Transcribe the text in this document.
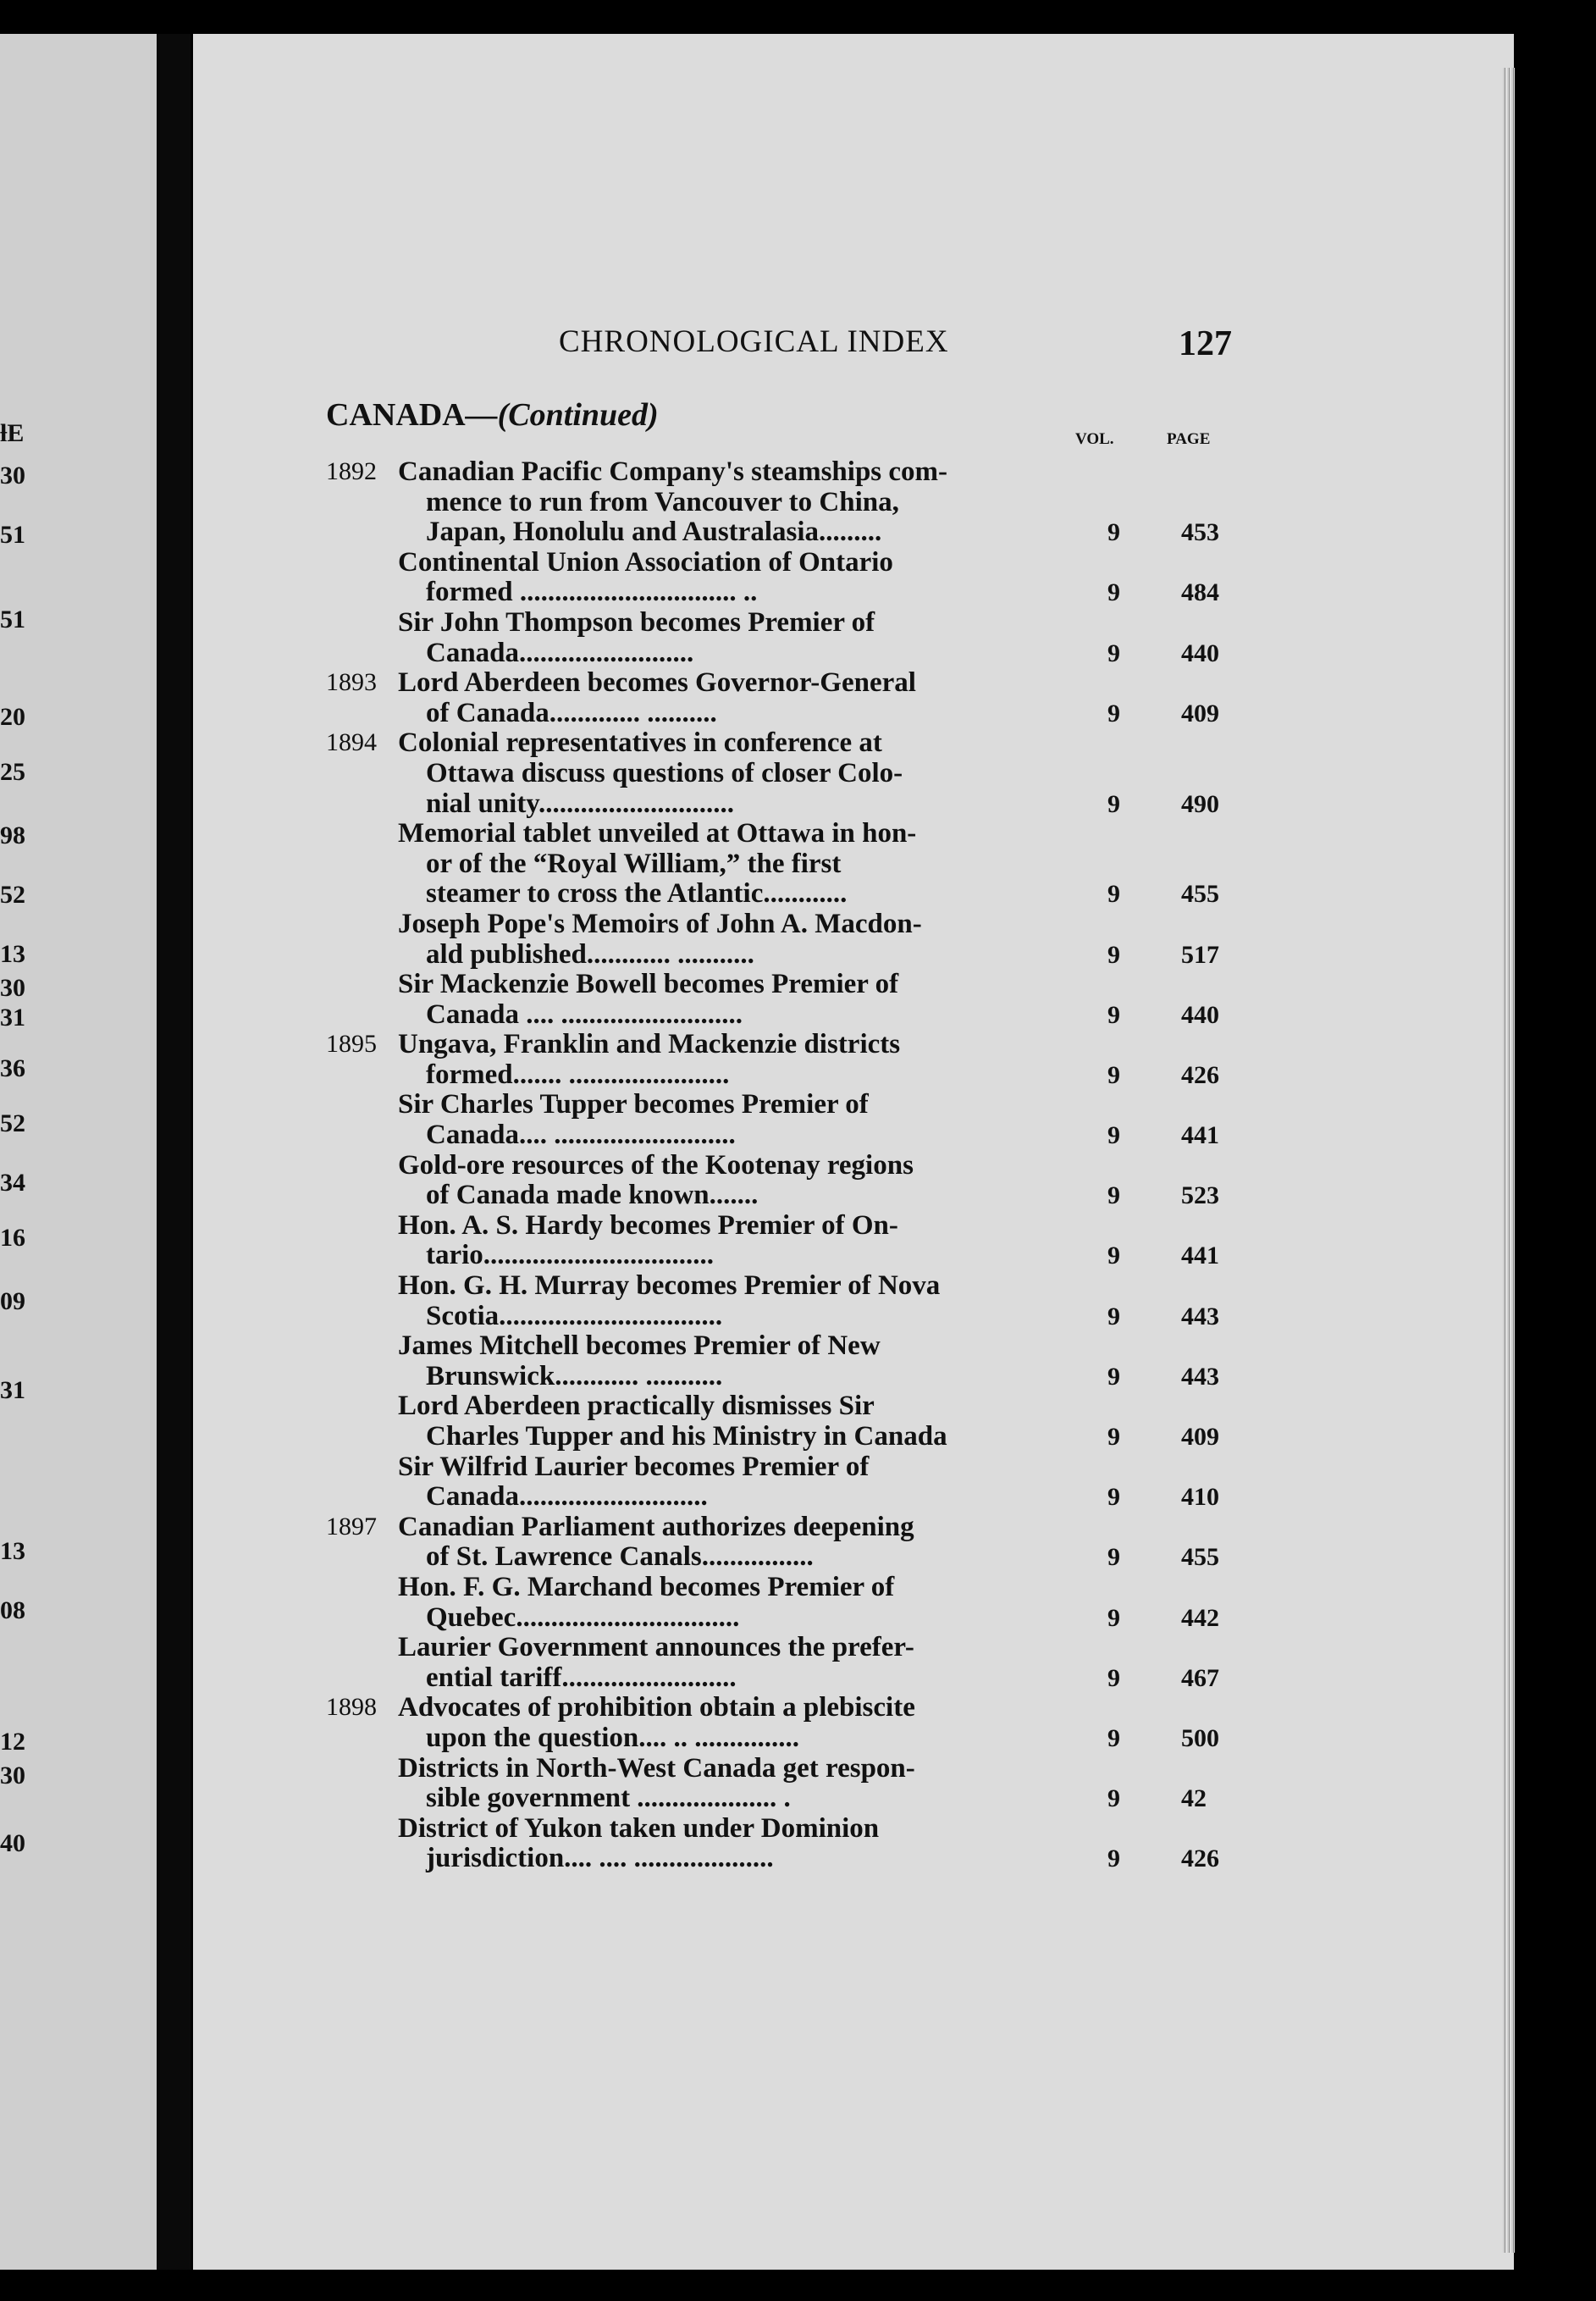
ƚE
30
51
51
20
25
98
52
13
30
31
36
52
34
16
09
31
13
08
12
30
40
CHRONOLOGICAL INDEX	127
CANADA—(Continued)
VOL.	PAGE
1892 Canadian Pacific Company's steamships com-
mence to run from Vancouver to China,
Japan, Honolulu and Australasia.........	9 453
Continental Union Association of Ontario
formed ............................... ..	9 484
Sir John Thompson becomes Premier of
Canada.........................	9 440
1893 Lord Aberdeen becomes Governor-General
of Canada............. ..........	9 409
1894 Colonial representatives in conference at
Ottawa discuss questions of closer Colo-
nial unity............................	9 490
Memorial tablet unveiled at Ottawa in hon-
or of the “Royal William,” the first
steamer to cross the Atlantic............	9 455
Joseph Pope's Memoirs of John A. Macdon-
ald published............ ...........	9 517
Sir Mackenzie Bowell becomes Premier of
Canada .... ..........................	9 440
1895 Ungava, Franklin and Mackenzie districts
formed....... .......................	9 426
Sir Charles Tupper becomes Premier of
Canada.... ..........................	9 441
Gold-ore resources of the Kootenay regions
of Canada made known.......	9 523
Hon. A. S. Hardy becomes Premier of On-
tario.................................	9 441
Hon. G. H. Murray becomes Premier of Nova
Scotia................................	9 443
James Mitchell becomes Premier of New
Brunswick............ ...........	9 443
Lord Aberdeen practically dismisses Sir
Charles Tupper and his Ministry in Canada	9 409
Sir Wilfrid Laurier becomes Premier of
Canada...........................	9 410
1897 Canadian Parliament authorizes deepening
of St. Lawrence Canals................	9 455
Hon. F. G. Marchand becomes Premier of
Quebec................................	9 442
Laurier Government announces the prefer-
ential tariff.........................	9 467
1898 Advocates of prohibition obtain a plebiscite
upon the question.... .. ...............	9 500
Districts in North-West Canada get respon-
sible government .................... .	9 42
District of Yukon taken under Dominion
jurisdiction.... .... ....................	9 426
